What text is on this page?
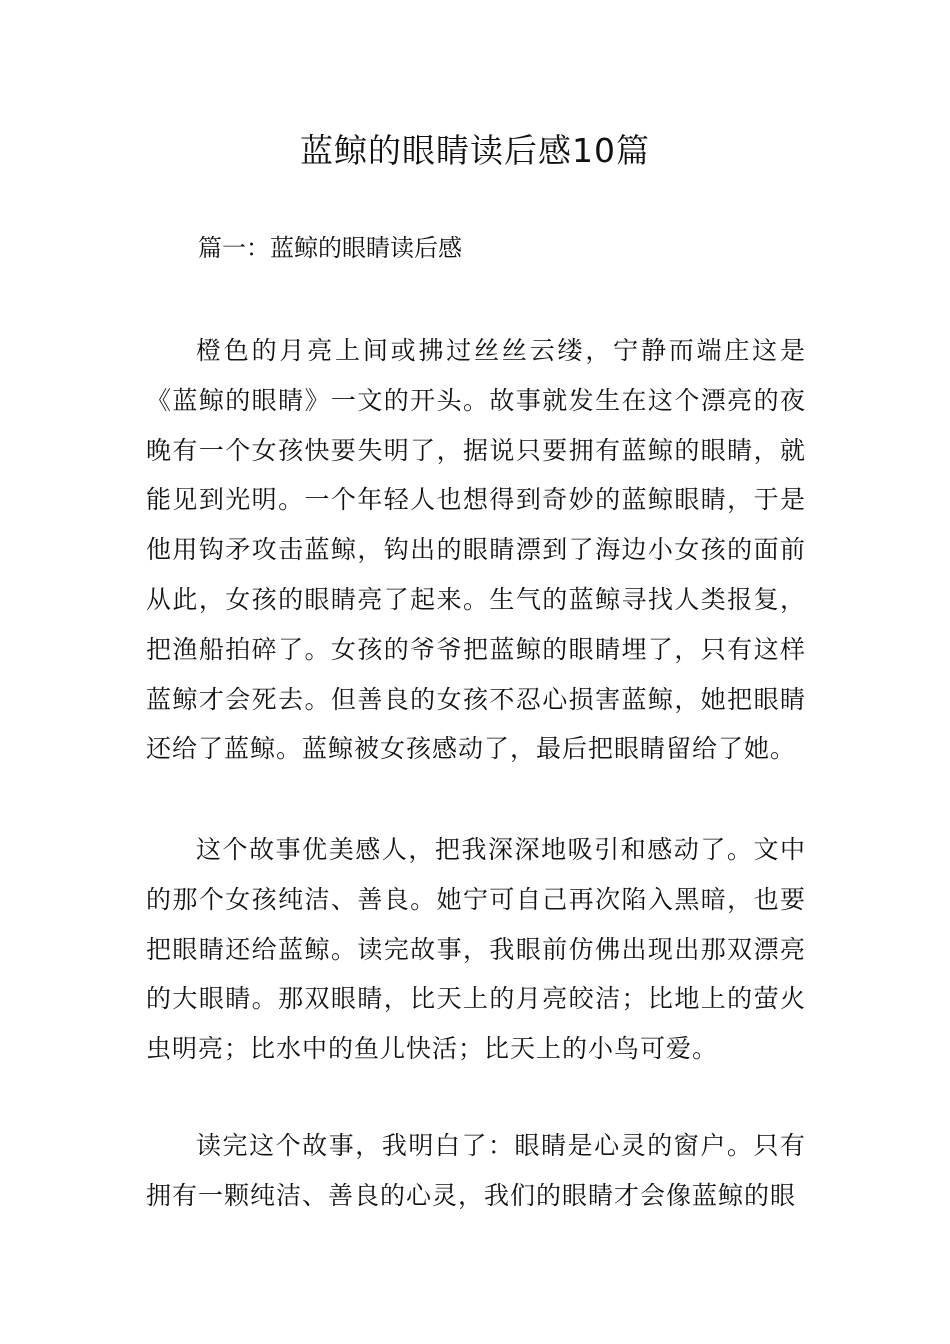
蓝鲸的眼睛读后感10篇

篇一：蓝鲸的眼睛读后感

橙色的月亮上间或拂过丝丝云缕，宁静而端庄这是《蓝鲸的眼睛》一文的开头。故事就发生在这个漂亮的夜晚有一个女孩快要失明了，据说只要拥有蓝鲸的眼睛，就能见到光明。一个年轻人也想得到奇妙的蓝鲸眼睛，于是他用钩矛攻击蓝鲸，钩出的眼睛漂到了海边小女孩的面前从此，女孩的眼睛亮了起来。生气的蓝鲸寻找人类报复，把渔船拍碎了。女孩的爷爷把蓝鲸的眼睛埋了，只有这样蓝鲸才会死去。但善良的女孩不忍心损害蓝鲸，她把眼睛还给了蓝鲸。蓝鲸被女孩感动了，最后把眼睛留给了她。

这个故事优美感人，把我深深地吸引和感动了。文中的那个女孩纯洁、善良。她宁可自己再次陷入黑暗，也要把眼睛还给蓝鲸。读完故事，我眼前仿佛出现出那双漂亮的大眼睛。那双眼睛，比天上的月亮皎洁；比地上的萤火虫明亮；比水中的鱼儿快活；比天上的小鸟可爱。

读完这个故事，我明白了：眼睛是心灵的窗户。只有拥有一颗纯洁、善良的心灵，我们的眼睛才会像蓝鲸的眼
